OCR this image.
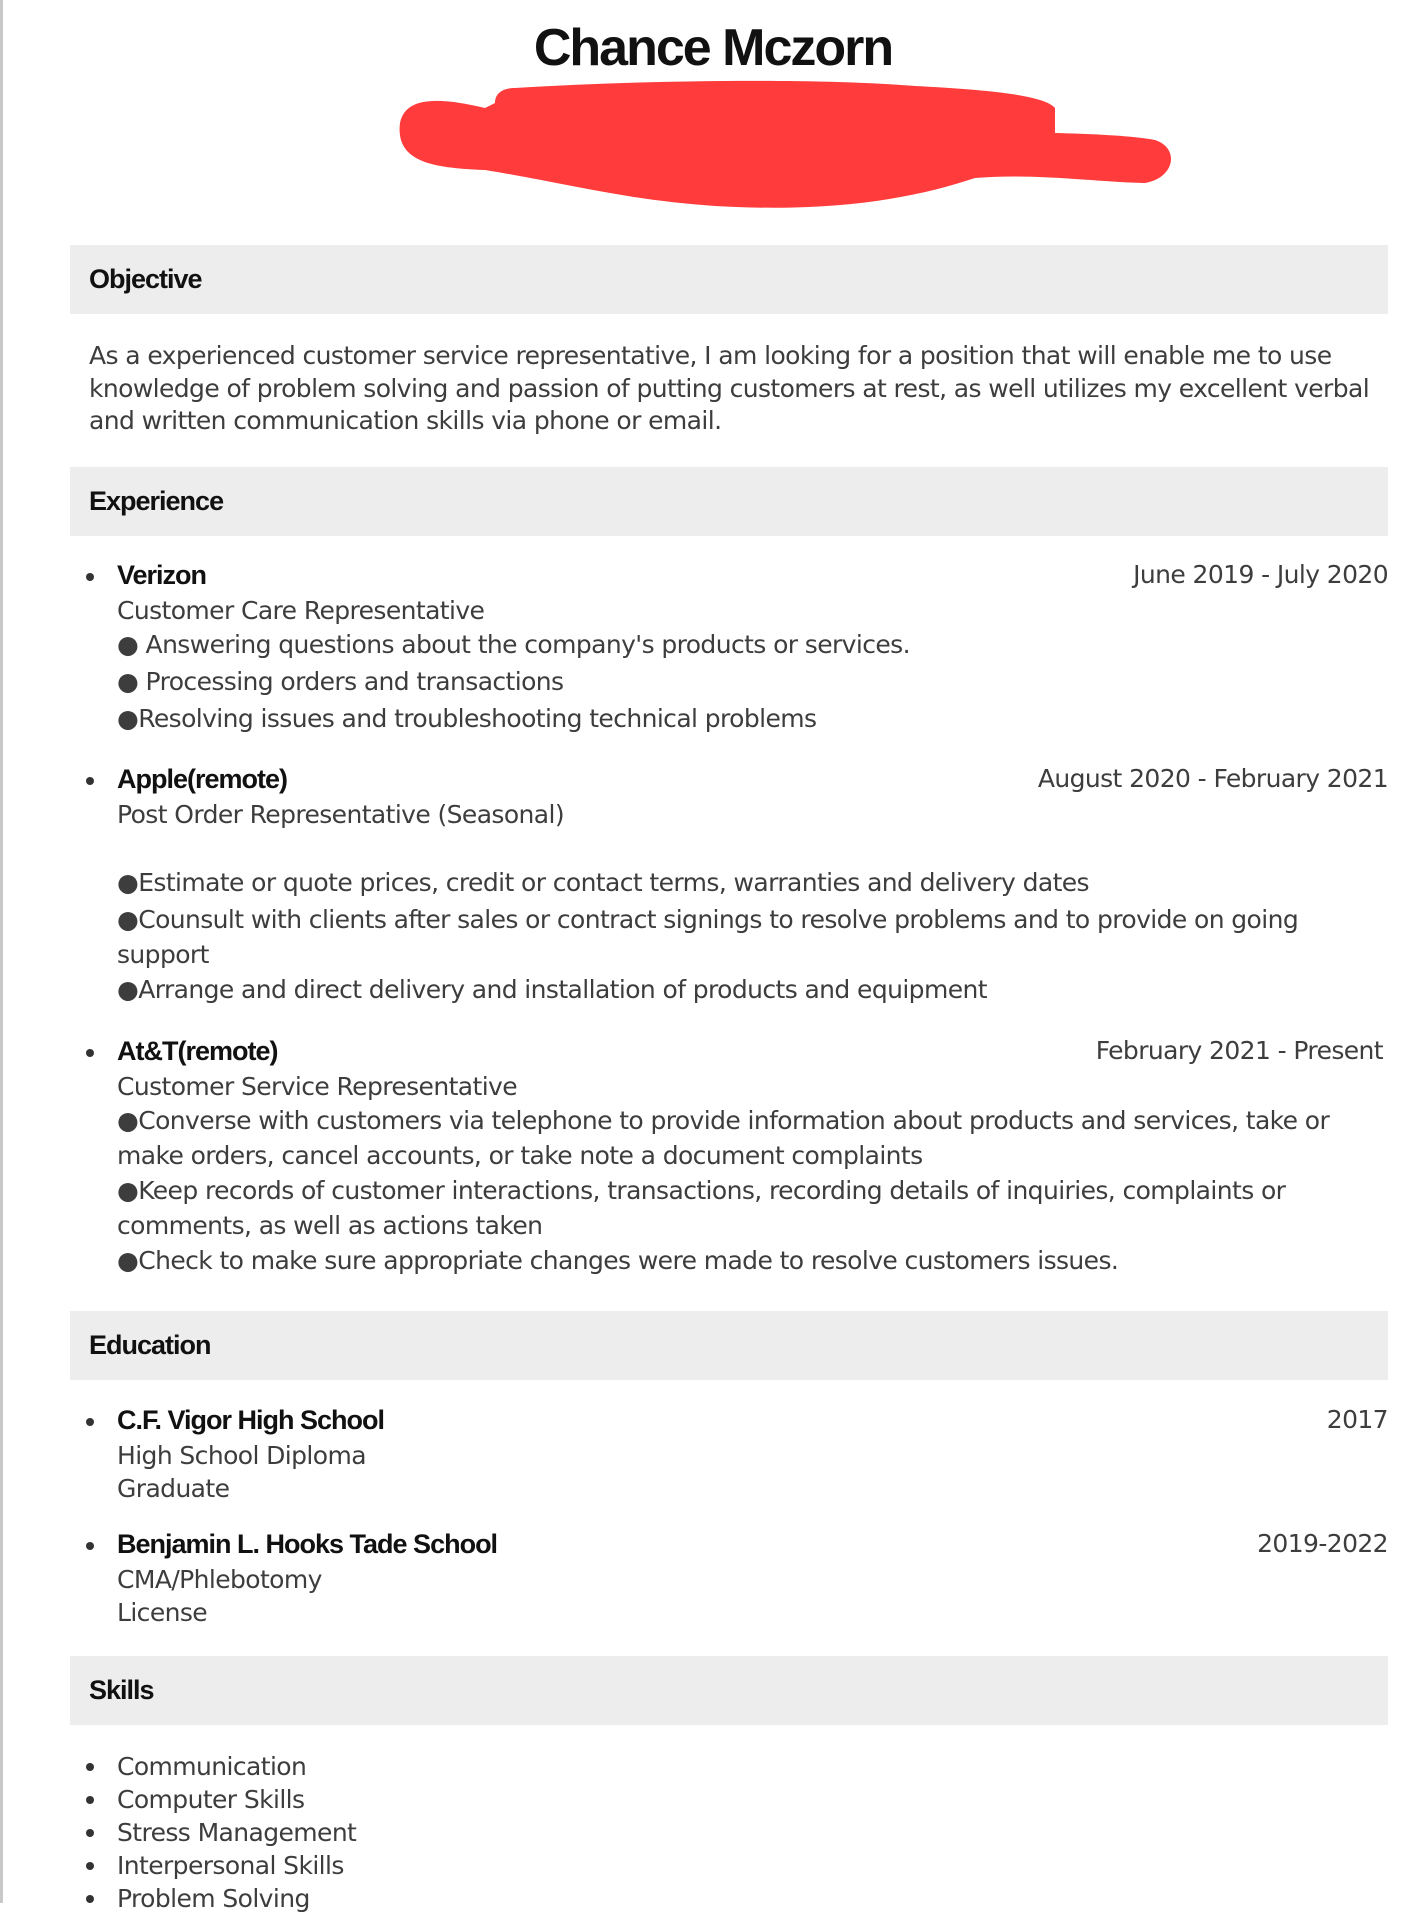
Chance Mczorn
Objective
As a experienced customer service representative, I am looking for a position that will enable me to use knowledge of problem solving and passion of putting customers at rest, as well utilizes my excellent verbal and written communication skills via phone or email.
Experience
Verizon	June 2019 - July 2020
Customer Care Representative
● Answering questions about the company's products or services.
● Processing orders and transactions
●Resolving issues and troubleshooting technical problems
Apple(remote)	August 2020 - February 2021
Post Order Representative (Seasonal)
●Estimate or quote prices, credit or contact terms, warranties and delivery dates
●Counsult with clients after sales or contract signings to resolve problems and to provide on going support
●Arrange and direct delivery and installation of products and equipment
At&T(remote)	February 2021 - Present
Customer Service Representative
●Converse with customers via telephone to provide information about products and services, take or make orders, cancel accounts, or take note a document complaints
●Keep records of customer interactions, transactions, recording details of inquiries, complaints or comments, as well as actions taken
●Check to make sure appropriate changes were made to resolve customers issues.
Education
C.F. Vigor High School	2017
High School Diploma
Graduate
Benjamin L. Hooks Tade School	2019-2022
CMA/Phlebotomy
License
Skills
Communication
Computer Skills
Stress Management
Interpersonal Skills
Problem Solving
